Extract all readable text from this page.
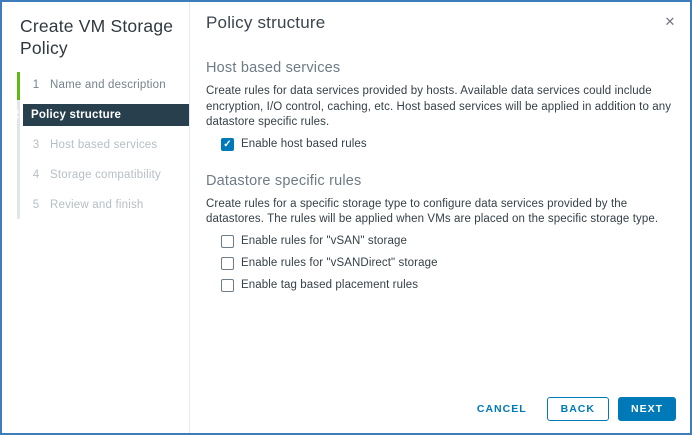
Create VM Storage Policy
1 Name and description
2 Policy structure
3 Host based services
4 Storage compatibility
5 Review and finish
Policy structure	✕
Host based services
Create rules for data services provided by hosts. Available data services could include encryption, I/O control, caching, etc. Host based services will be applied in addition to any datastore specific rules.
✓ Enable host based rules
Datastore specific rules
Create rules for a specific storage type to configure data services provided by the datastores. The rules will be applied when VMs are placed on the specific storage type.
Enable rules for "vSAN" storage
Enable rules for "vSANDirect" storage
Enable tag based placement rules
CANCEL	BACK	NEXT
